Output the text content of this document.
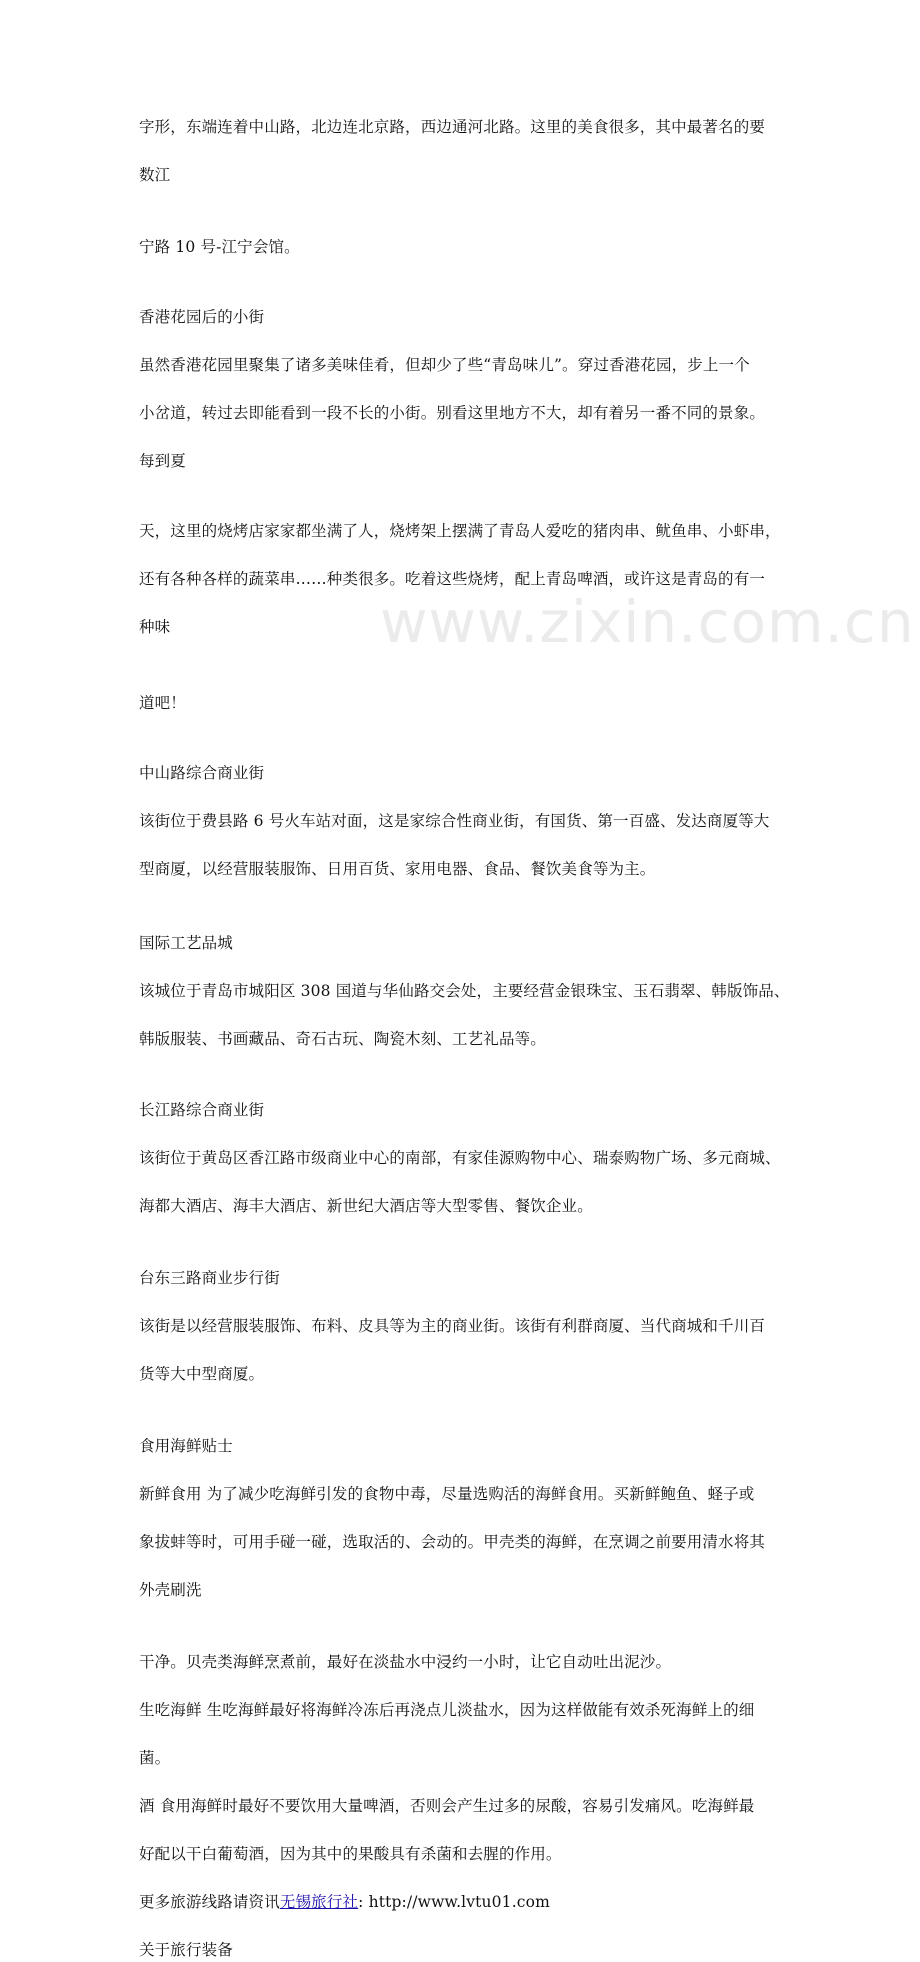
www.zixin.com.cn
字形，东端连着中山路，北边连北京路，西边通河北路。这里的美食很多，其中最著名的要
数江
宁路 10 号-江宁会馆。
香港花园后的小街
虽然香港花园里聚集了诸多美味佳肴，但却少了些“青岛味儿”。穿过香港花园，步上一个
小岔道，转过去即能看到一段不长的小街。别看这里地方不大，却有着另一番不同的景象。
每到夏
天，这里的烧烤店家家都坐满了人，烧烤架上摆满了青岛人爱吃的猪肉串、鱿鱼串、小虾串，
还有各种各样的蔬菜串……种类很多。吃着这些烧烤，配上青岛啤酒，或许这是青岛的有一
种味
道吧！
中山路综合商业街
该街位于费县路 6 号火车站对面，这是家综合性商业街，有国货、第一百盛、发达商厦等大
型商厦，以经营服装服饰、日用百货、家用电器、食品、餐饮美食等为主。
国际工艺品城
该城位于青岛市城阳区 308 国道与华仙路交会处，主要经营金银珠宝、玉石翡翠、韩版饰品、
韩版服装、书画藏品、奇石古玩、陶瓷木刻、工艺礼品等。
长江路综合商业街
该街位于黄岛区香江路市级商业中心的南部，有家佳源购物中心、瑞泰购物广场、多元商城、
海都大酒店、海丰大酒店、新世纪大酒店等大型零售、餐饮企业。
台东三路商业步行街
该街是以经营服装服饰、布料、皮具等为主的商业街。该街有利群商厦、当代商城和千川百
货等大中型商厦。
食用海鲜贴士
新鲜食用 为了减少吃海鲜引发的食物中毒，尽量选购活的海鲜食用。买新鲜鲍鱼、蛏子或
象拔蚌等时，可用手碰一碰，选取活的、会动的。甲壳类的海鲜，在烹调之前要用清水将其
外壳刷洗
干净。贝壳类海鲜烹煮前，最好在淡盐水中浸约一小时，让它自动吐出泥沙。
生吃海鲜 生吃海鲜最好将海鲜冷冻后再浇点儿淡盐水，因为这样做能有效杀死海鲜上的细
菌。
酒 食用海鲜时最好不要饮用大量啤酒，否则会产生过多的尿酸，容易引发痛风。吃海鲜最
好配以干白葡萄酒，因为其中的果酸具有杀菌和去腥的作用。
更多旅游线路请资讯无锡旅行社: http://www.lvtu01.com
关于旅行装备
